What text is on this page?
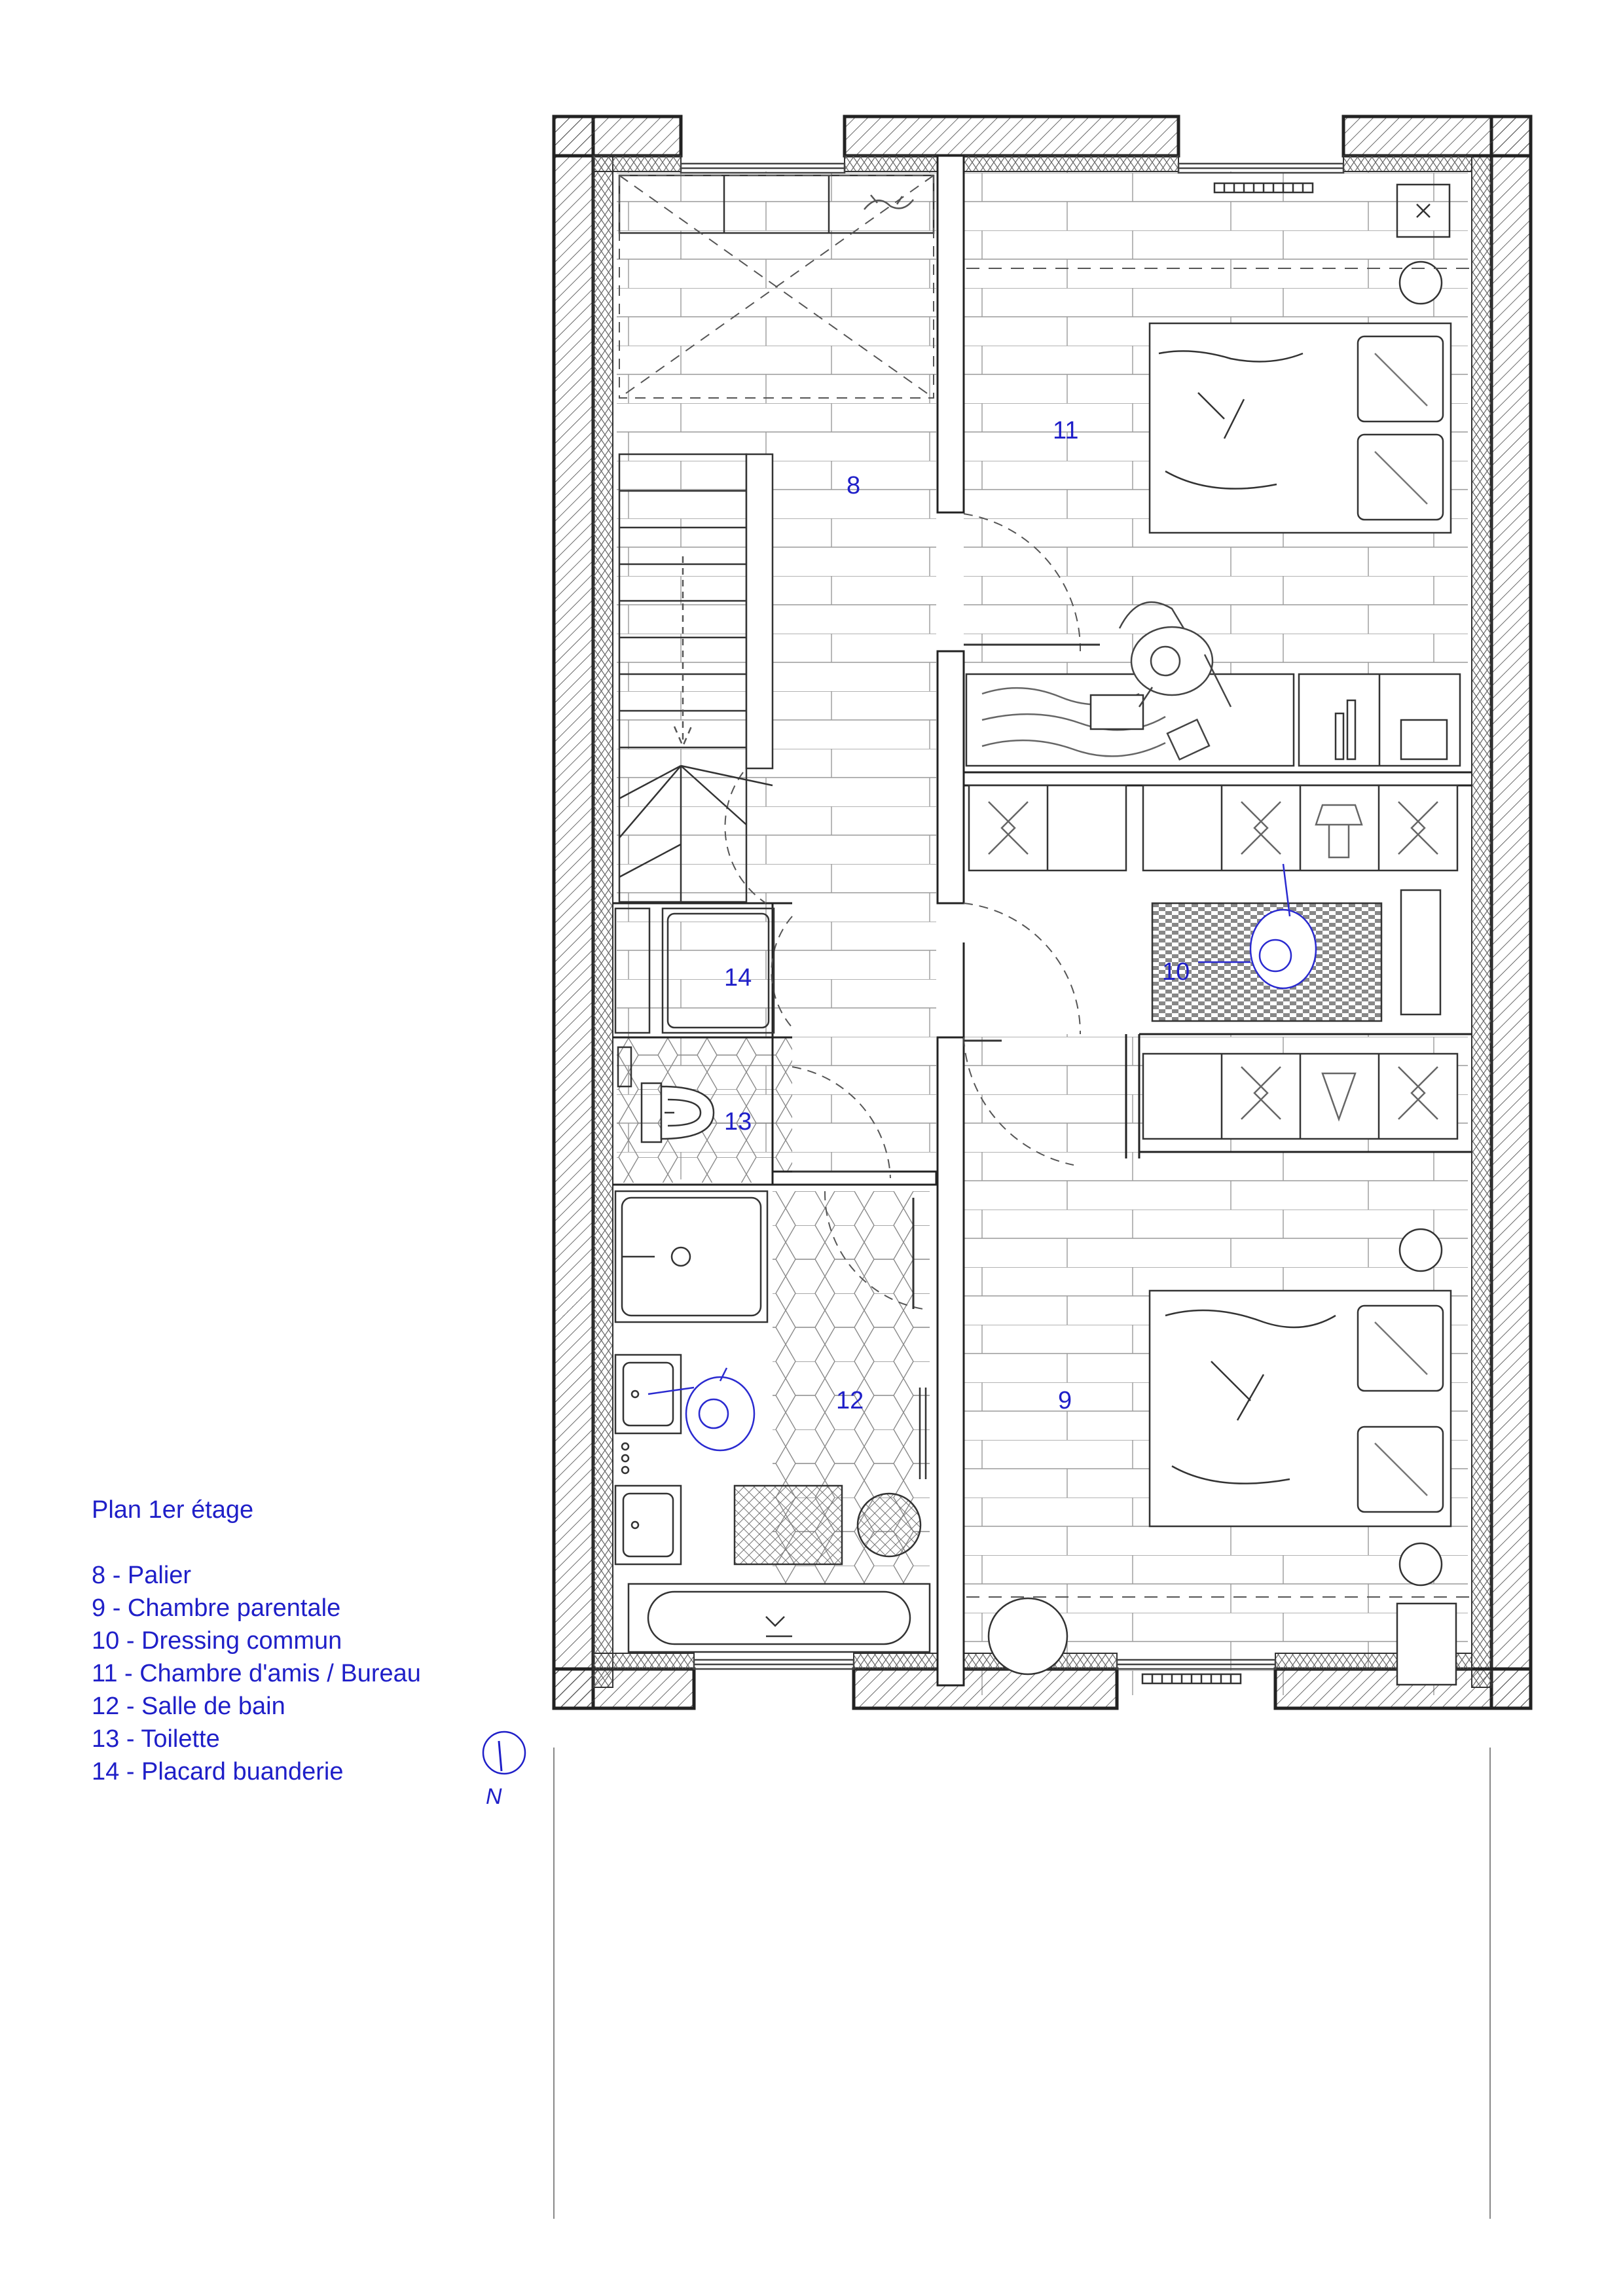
N
8
11
10
14
13
12	9
Plan 1er étage
8 - Palier
9 - Chambre parentale
10 - Dressing commun
11 - Chambre d'amis / Bureau
12 - Salle de bain
13 - Toilette
14 - Placard buanderie
